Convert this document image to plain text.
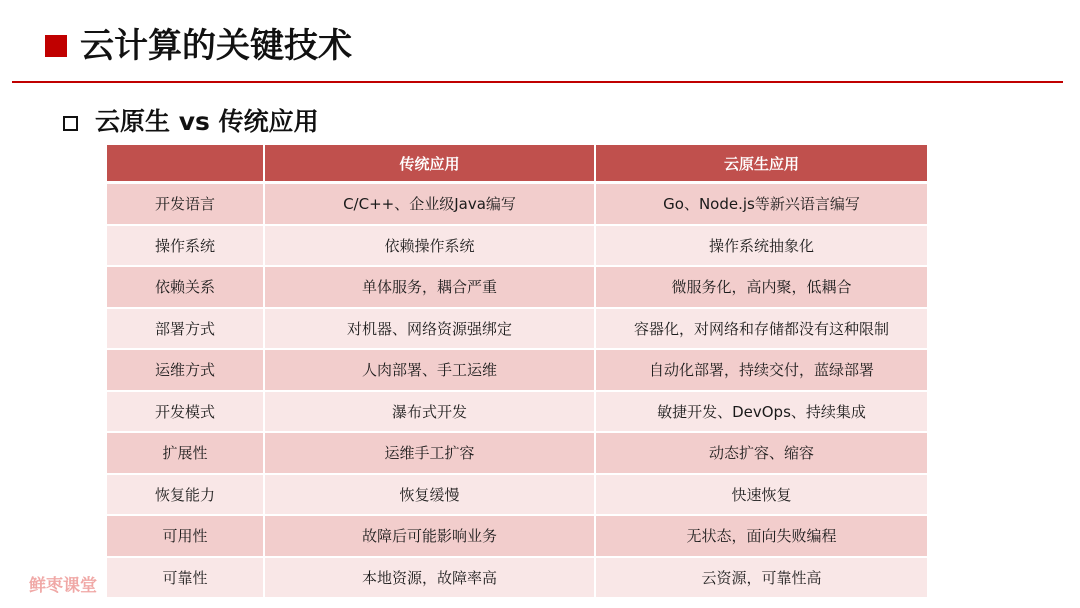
云计算的关键技术
云原生 vs 传统应用
	传统应用	云原生应用
开发语言	C/C++、企业级Java编写	Go、Node.js等新兴语言编写
操作系统	依赖操作系统	操作系统抽象化
依赖关系	单体服务，耦合严重	微服务化，高内聚，低耦合
部署方式	对机器、网络资源强绑定	容器化，对网络和存储都没有这种限制
运维方式	人肉部署、手工运维	自动化部署，持续交付，蓝绿部署
开发模式	瀑布式开发	敏捷开发、DevOps、持续集成
扩展性	运维手工扩容	动态扩容、缩容
恢复能力	恢复缓慢	快速恢复
可用性	故障后可能影响业务	无状态，面向失败编程
可靠性	本地资源，故障率高	云资源，可靠性高
鲜枣课堂
